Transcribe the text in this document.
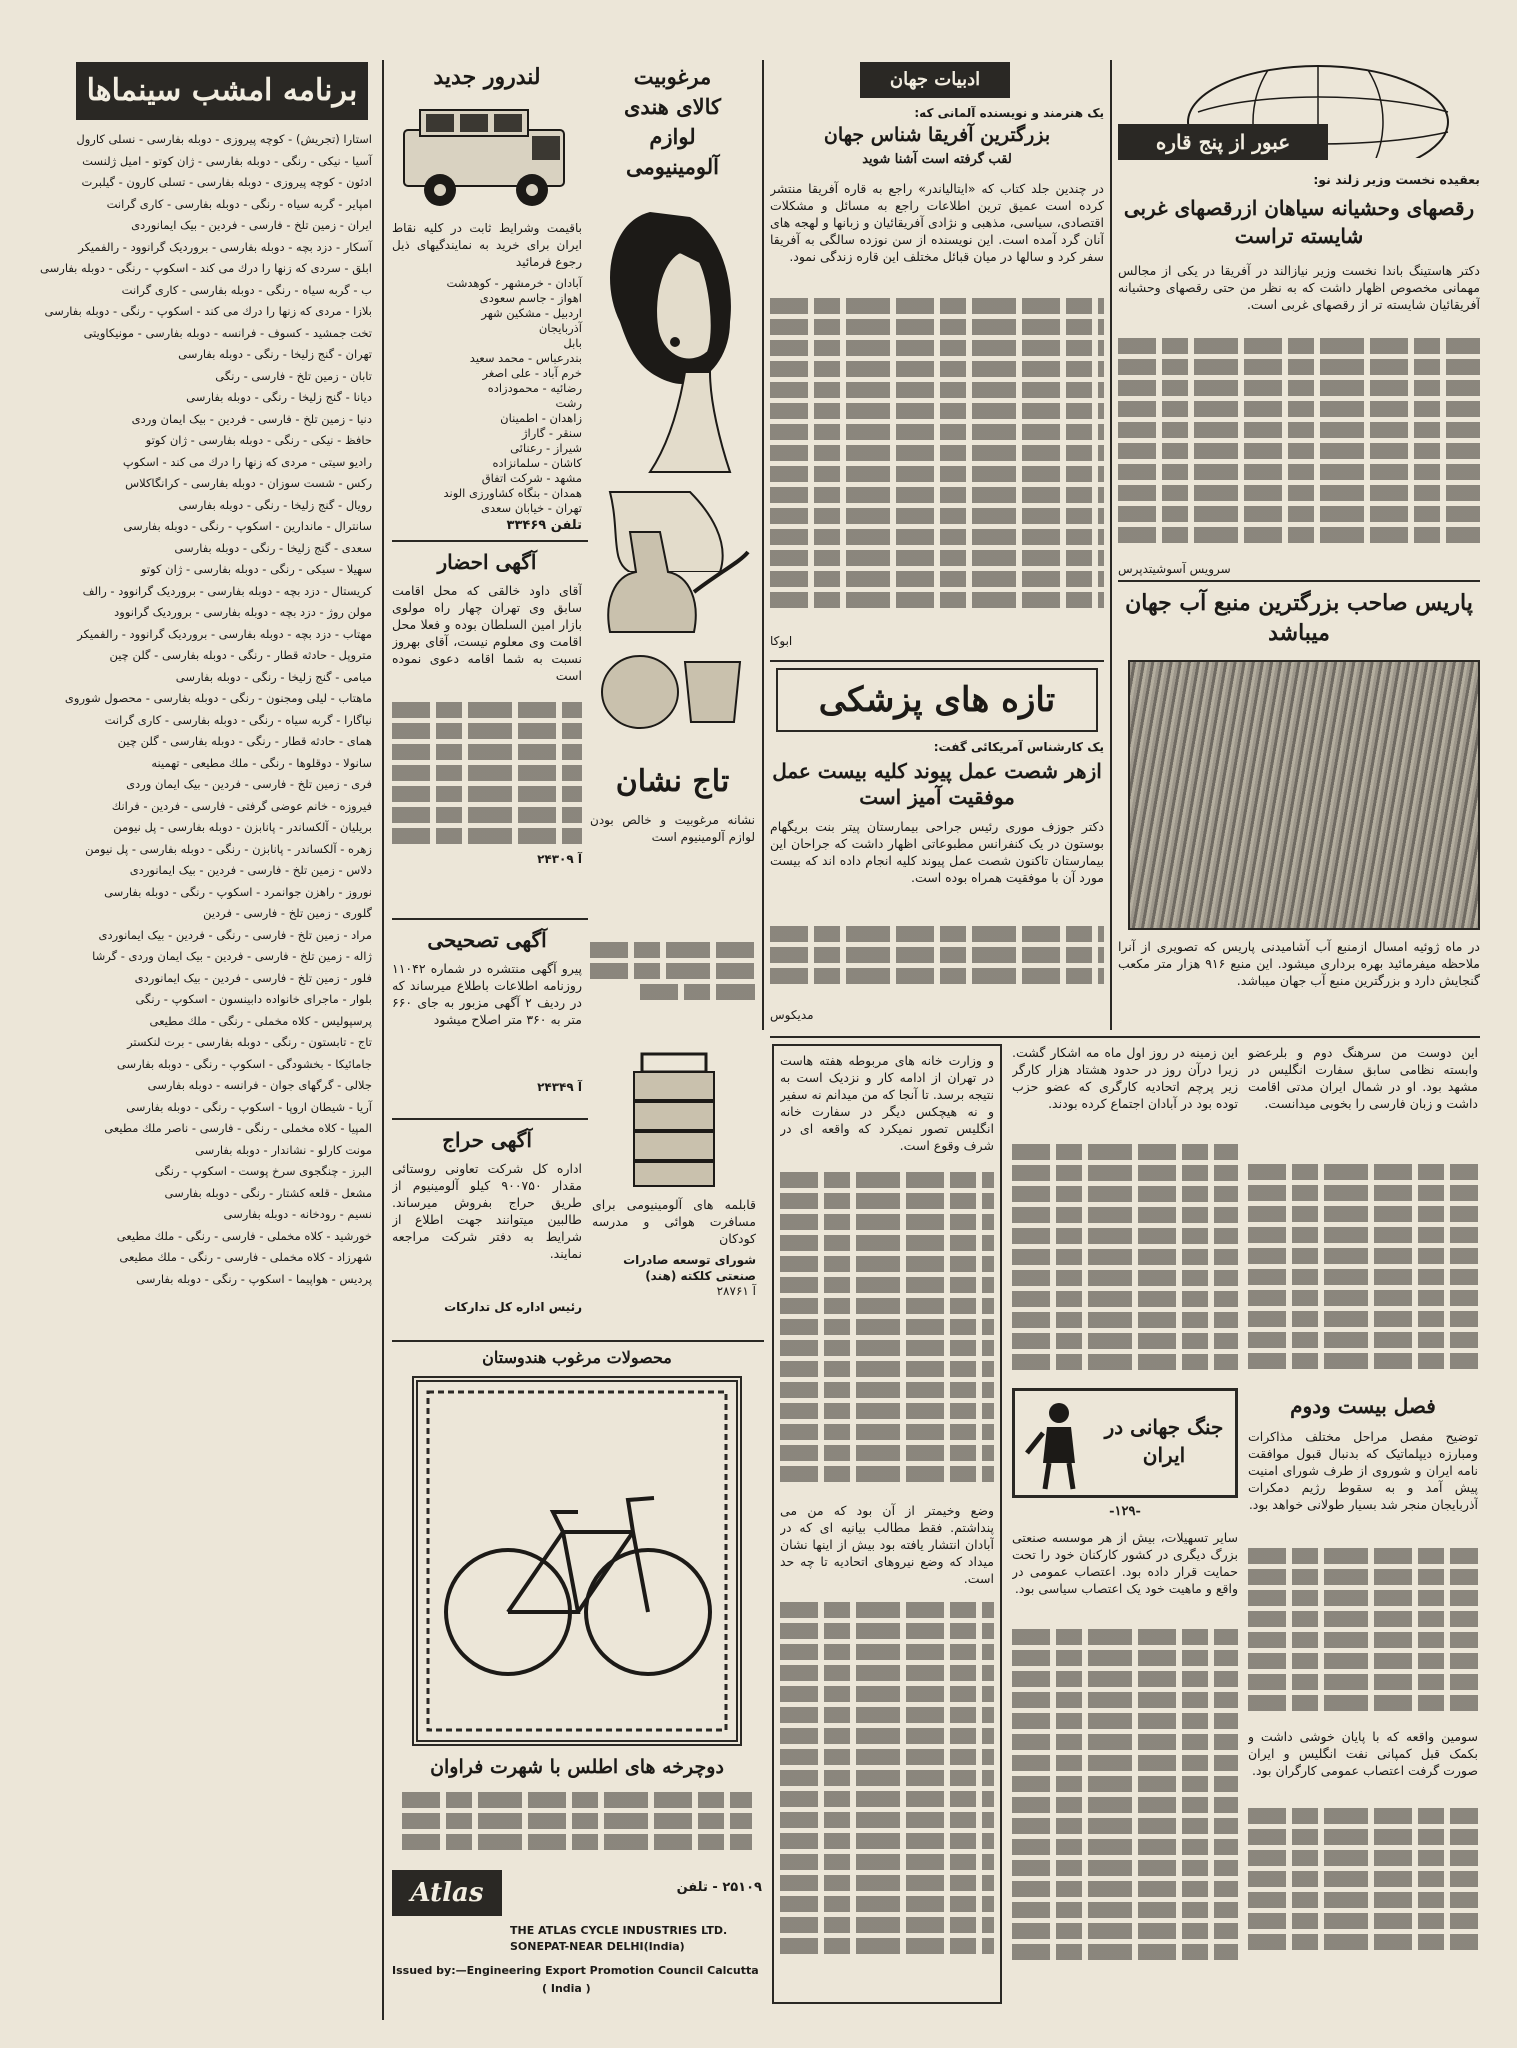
برنامه امشب سینماها
استارا (تجریش) - کوچه پیروزی - دوبله بفارسی - نسلی کارول
آسیا - نیکی - رنگی - دوبله بفارسی - ژان کوتو - امیل ژلنست
ادئون - کوچه پیروزی - دوبله بفارسی - تسلی کارون - گیلبرت
امپایر - گربه سیاه - رنگی - دوبله بفارسی - کاری گرانت
ایران - زمین تلخ - فارسی - فردین - بیک ایمانوردی
آسکار - دزد بچه - دوبله بفارسی - بروردیک گرانوود - رالفمیکر
ابلق - سردی که زنها را درك می کند - اسکوپ - رنگی - دوبله بفارسی
ب - گربه سیاه - رنگی - دوبله بفارسی - کاری گرانت
بلازا - مردی که زنها را درك می کند - اسکوپ - رنگی - دوبله بفارسی
تخت جمشید - کسوف - فرانسه - دوبله بفارسی - مونیکاویتی
تهران - گنج زلیخا - رنگی - دوبله بفارسی
تابان - زمین تلخ - فارسی - رنگی
دیانا - گنج زلیخا - رنگی - دوبله بفارسی
دنیا - زمین تلخ - فارسی - فردین - بیک ایمان وردی
حافظ - نیکی - رنگی - دوبله بفارسی - ژان کوتو
رادیو سیتی - مردی که زنها را درك می کند - اسکوپ
رکس - شست سوزان - دوبله بفارسی - کرانگاکلاس
رویال - گنج زلیخا - رنگی - دوبله بفارسی
سانترال - ماندارین - اسکوپ - رنگی - دوبله بفارسی
سعدی - گنج زلیخا - رنگی - دوبله بفارسی
سهیلا - سیکی - رنگی - دوبله بفارسی - ژان کوتو
کریستال - دزد بچه - دوبله بفارسی - بروردیک گرانوود - رالف
مولن روژ - دزد بچه - دوبله بفارسی - بروردیک گرانوود
مهتاب - دزد بچه - دوبله بفارسی - بروردیک گرانوود - رالفمیکر
متروپل - حادثه قطار - رنگی - دوبله بفارسی - گلن چین
میامی - گنج زلیخا - رنگی - دوبله بفارسی
ماهتاب - لیلی ومجنون - رنگی - دوبله بفارسی - محصول شوروی
نیاگارا - گربه سیاه - رنگی - دوبله بفارسی - کاری گرانت
همای - حادثه قطار - رنگی - دوبله بفارسی - گلن چین
سانولا - دوقلوها - رنگی - ملك مطیعی - تهمینه
فری - زمین تلخ - فارسی - فردین - بیک ایمان وردی
فیروزه - خانم عوضی گرفتی - فارسی - فردین - فرانك
بریلیان - آلکساندر - پانابزن - دوبله بفارسی - پل نیومن
زهره - آلکساندر - پانابزن - رنگی - دوبله بفارسی - پل نیومن
دلاس - زمین تلخ - فارسی - فردین - بیک ایمانوردی
نوروز - راهزن جوانمرد - اسکوپ - رنگی - دوبله بفارسی
گلوری - زمین تلخ - فارسی - فردین
مراد - زمین تلخ - فارسی - رنگی - فردین - بیک ایمانوردی
ژاله - زمین تلخ - فارسی - فردین - بیک ایمان وردی - گرشا
فلور - زمین تلخ - فارسی - فردین - بیک ایمانوردی
بلوار - ماجرای خانواده دابینسون - اسکوپ - رنگی
پرسپولیس - کلاه مخملی - رنگی - ملك مطیعی
تاج - تابستون - رنگی - دوبله بفارسی - برت لنکستر
جامائیکا - بخشودگی - اسکوپ - رنگی - دوبله بفارسی
جلالی - گرگهای جوان - فرانسه - دوبله بفارسی
آریا - شیطان اروپا - اسکوپ - رنگی - دوبله بفارسی
المپیا - کلاه مخملی - رنگی - فارسی - ناصر ملك مطیعی
مونت کارلو - نشاندار - دوبله بفارسی
البرز - چنگجوی سرخ پوست - اسکوپ - رنگی
مشعل - قلعه کشتار - رنگی - دوبله بفارسی
نسیم - رودخانه - دوبله بفارسی
خورشید - کلاه مخملی - فارسی - رنگی - ملك مطیعی
شهرزاد - کلاه مخملی - فارسی - رنگی - ملك مطیعی
پردیس - هواپیما - اسکوپ - رنگی - دوبله بفارسی
لندرور جدید
باقیمت وشرایط ثابت در کلیه نقاط ایران برای خرید به نمایندگیهای ذیل رجوع فرمائید
آبادان - خرمشهر - کوهدشت
اهواز - جاسم سعودی
اردبیل - مشکین شهر
آذربایجان
بابل
بندرعباس - محمد سعید
خرم آباد - علی اصغر
رضائیه - محمودزاده
رشت
زاهدان - اطمینان
سنقر - گاراژ
شیراز - رعنائی
کاشان - سلمانزاده
مشهد - شرکت اتفاق
همدان - بنگاه کشاورزی الوند
تهران - خیابان سعدی
تلفن ۳۳۴۶۹
مرغوبیت کالای هندی لوازم آلومینیومی
تاج نشان
نشانه مرغوبیت و خالص بودن لوازم آلومینیوم است
آگهی احضار
آقای داود خالقی که محل اقامت سابق وی تهران چهار راه مولوی بازار امین السلطان بوده و فعلا محل اقامت وی معلوم نیست، آقای بهروز نسبت به شما اقامه دعوی نموده است
آ ۲۴۳۰۹
آگهی تصحیحی
پیرو آگهی منتشره در شماره ۱۱۰۴۲ روزنامه اطلاعات باطلاع میرساند که در ردیف ۲ آگهی مزبور به جای ۶۶۰ متر به ۳۶۰ متر اصلاح میشود
آ ۲۴۳۴۹
آگهی حراج
اداره کل شرکت تعاونی روستائی مقدار ۹۰۰۷۵۰ کیلو آلومینیوم از طریق حراج بفروش میرساند. طالبین میتوانند جهت اطلاع از شرایط به دفتر شرکت مراجعه نمایند.
رئیس اداره کل تدارکات
قابلمه های آلومینیومی برای مسافرت هوائی و مدرسه کودکان
شورای توسعه صادرات صنعتی کلکته (هند)
آ ۲۸۷۶۱
محصولات مرغوب هندوستان
دوچرخه های اطلس با شهرت فراوان
Atlas	۲۵۱۰۹ - تلفن
THE ATLAS CYCLE INDUSTRIES LTD.
SONEPAT-NEAR DELHI(India)
Issued by:—Engineering Export Promotion Council Calcutta
( India )
ادبیات جهان
یک هنرمند و نویسنده آلمانی که:
بزرگترین آفریقا شناس جهان
لقب گرفته است آشنا شوید
در چندین جلد کتاب که «ایتالیاندر» راجع به قاره آفریقا منتشر کرده است عمیق ترین اطلاعات راجع به مسائل و مشکلات اقتصادی، سیاسی، مذهبی و نژادی آفریقائیان و زبانها و لهجه های آنان گرد آمده است. این نویسنده از سن نوزده سالگی به آفریقا سفر کرد و سالها در میان قبائل مختلف این قاره زندگی نمود.
ابوکا
تازه های پزشکی
یک کارشناس آمریکائی گفت:
ازهر شصت عمل پیوند کلیه بیست عمل موفقیت آمیز است
دکتر جوزف موری رئیس جراحی بیمارستان پیتر بنت بریگهام بوستون در یک کنفرانس مطبوعاتی اظهار داشت که جراحان این بیمارستان تاکنون شصت عمل پیوند کلیه انجام داده اند که بیست مورد آن با موفقیت همراه بوده است.
مدیکوس
عبور از پنج قاره
بعقیده نخست وزیر زلند نو:
رقصهای وحشیانه سیاهان ازرقصهای غربی شایسته تراست
دکتر هاستینگ باندا نخست وزیر نیازالند در آفریقا در یکی از مجالس مهمانی مخصوص اظهار داشت که به نظر من حتی رقصهای وحشیانه آفریقائیان شایسته تر از رقصهای غربی است.
سرویس آسوشیتدپرس
پاریس صاحب بزرگترین منبع آب جهان میباشد
در ماه ژوئیه امسال ازمنبع آب آشامیدنی پاریس که تصویری از آنرا ملاحظه میفرمائید بهره برداری میشود. این منبع ۹۱۶ هزار متر مکعب گنجایش دارد و بزرگترین منبع آب جهان میباشد.
این دوست من سرهنگ دوم و بلرعضو وابسته نظامی سابق سفارت انگلیس در مشهد بود. او در شمال ایران مدتی اقامت داشت و زبان فارسی را بخوبی میدانست.
فصل بیست ودوم
توضیح مفصل مراحل مختلف مذاکرات ومبارزه دیپلماتیک که بدنبال قبول موافقت نامه ایران و شوروی از طرف شورای امنیت پیش آمد و به سقوط رژیم دمکرات آذربایجان منجر شد بسیار طولانی خواهد بود.
سومین واقعه که با پایان خوشی داشت و بکمک قبل کمپانی نفت انگلیس و ایران صورت گرفت اعتصاب عمومی کارگران بود.
این زمینه در روز اول ماه مه اشکار گشت. زیرا درآن روز در حدود هشتاد هزار کارگر زیر پرچم اتحادیه کارگری که عضو حزب توده بود در آبادان اجتماع کرده بودند.
جنگ جهانی در ایران
-۱۲۹-
سایر تسهیلات، بیش از هر موسسه صنعتی بزرگ دیگری در کشور کارکنان خود را تحت حمایت قرار داده بود. اعتصاب عمومی در واقع و ماهیت خود یک اعتصاب سیاسی بود.
و وزارت خانه های مربوطه هفته هاست در تهران از ادامه کار و نزدیک است به نتیجه برسد. تا آنجا که من میدانم نه سفیر و نه هیچکس دیگر در سفارت خانه انگلیس تصور نمیکرد که واقعه ای در شرف وقوع است.
وضع وخیمتر از آن بود که من می پنداشتم. فقط مطالب بیانیه ای که در آبادان انتشار یافته بود بیش از اینها نشان میداد که وضع نیروهای اتحادیه تا چه حد است.
